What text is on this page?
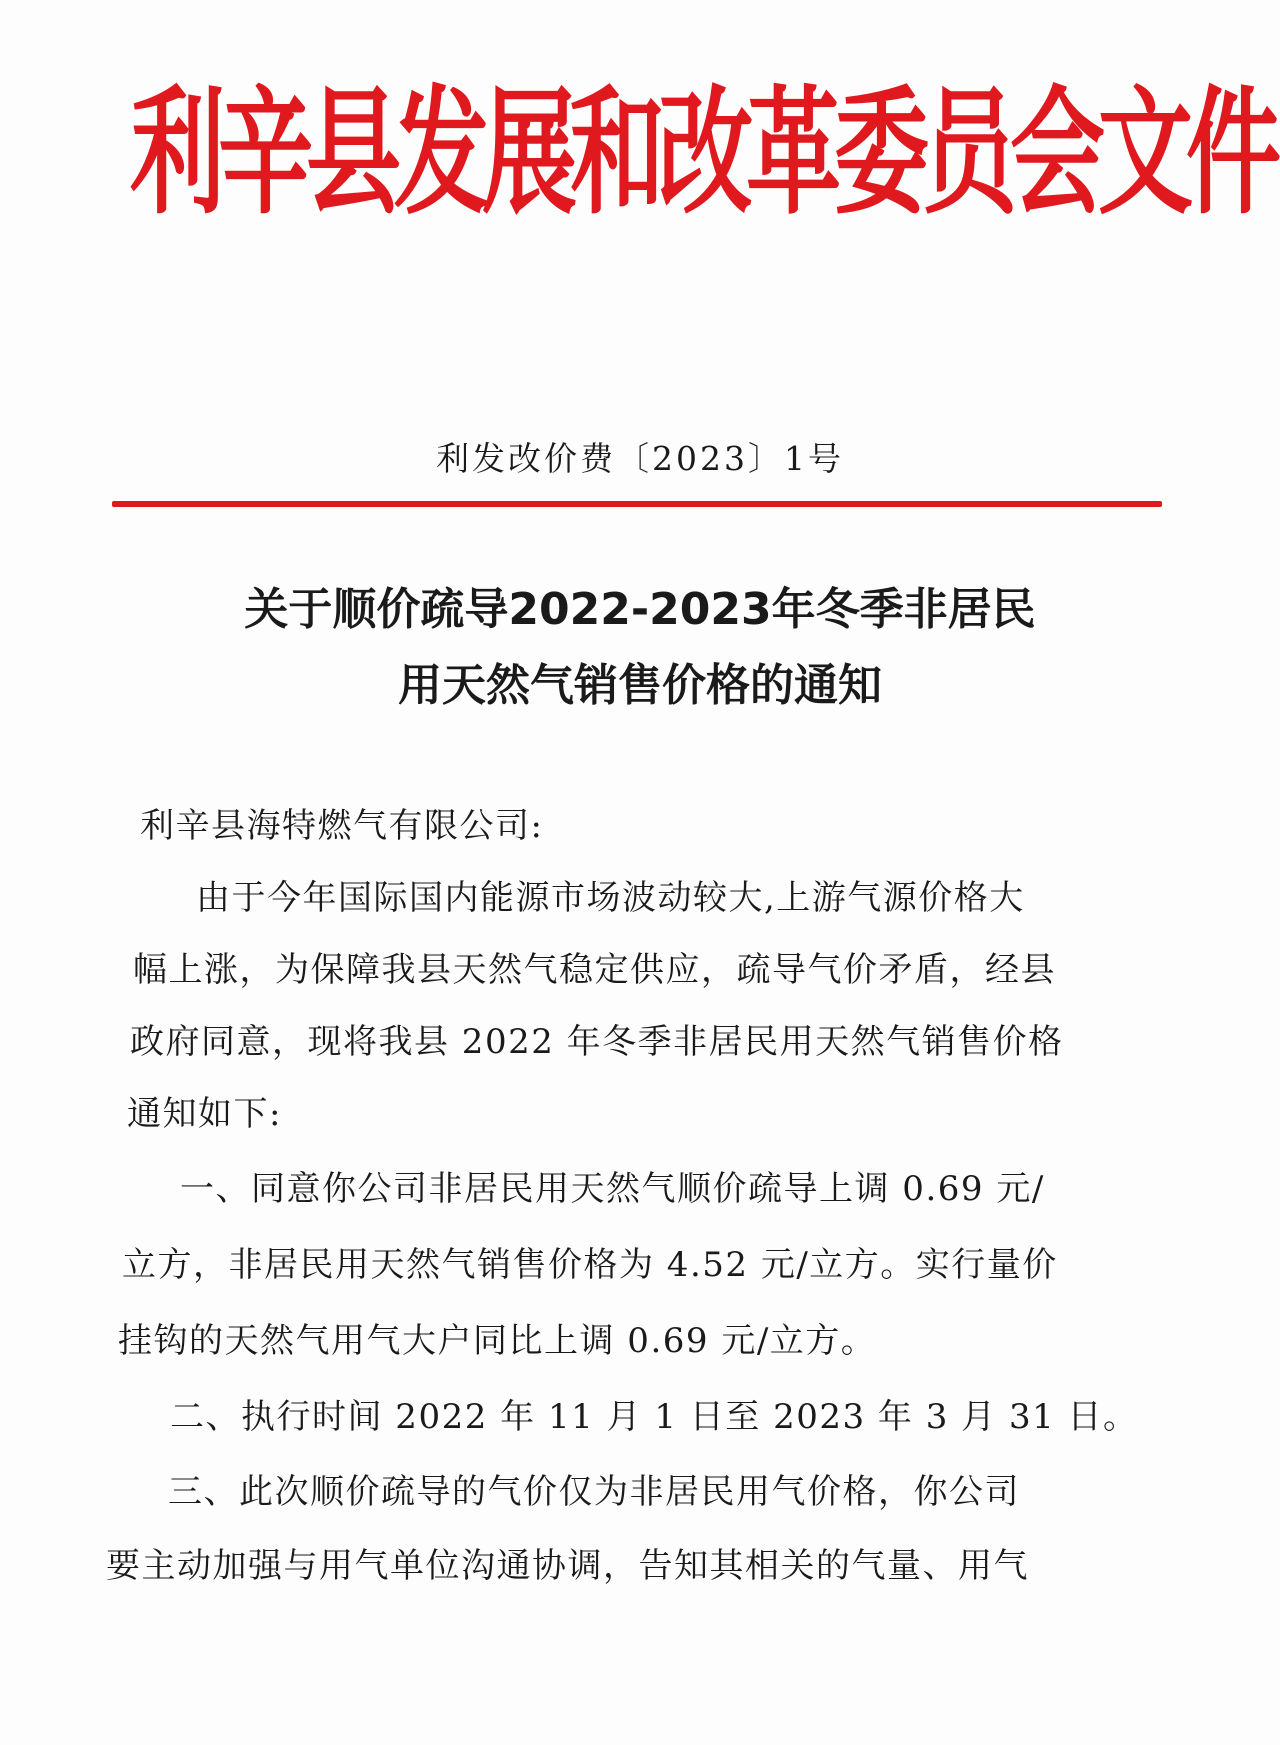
利辛县发展和改革委员会文件
利发改价费〔2023〕1号
关于顺价疏导2022-2023年冬季非居民
用天然气销售价格的通知
利辛县海特燃气有限公司:
由于今年国际国内能源市场波动较大,上游气源价格大
幅上涨，为保障我县天然气稳定供应，疏导气价矛盾，经县
政府同意，现将我县 2022 年冬季非居民用天然气销售价格
通知如下:
一、同意你公司非居民用天然气顺价疏导上调 0.69 元/
立方，非居民用天然气销售价格为 4.52 元/立方。实行量价
挂钩的天然气用气大户同比上调 0.69 元/立方。
二、执行时间 2022 年 11 月 1 日至 2023 年 3 月 31 日。
三、此次顺价疏导的气价仅为非居民用气价格，你公司
要主动加强与用气单位沟通协调，告知其相关的气量、用气
